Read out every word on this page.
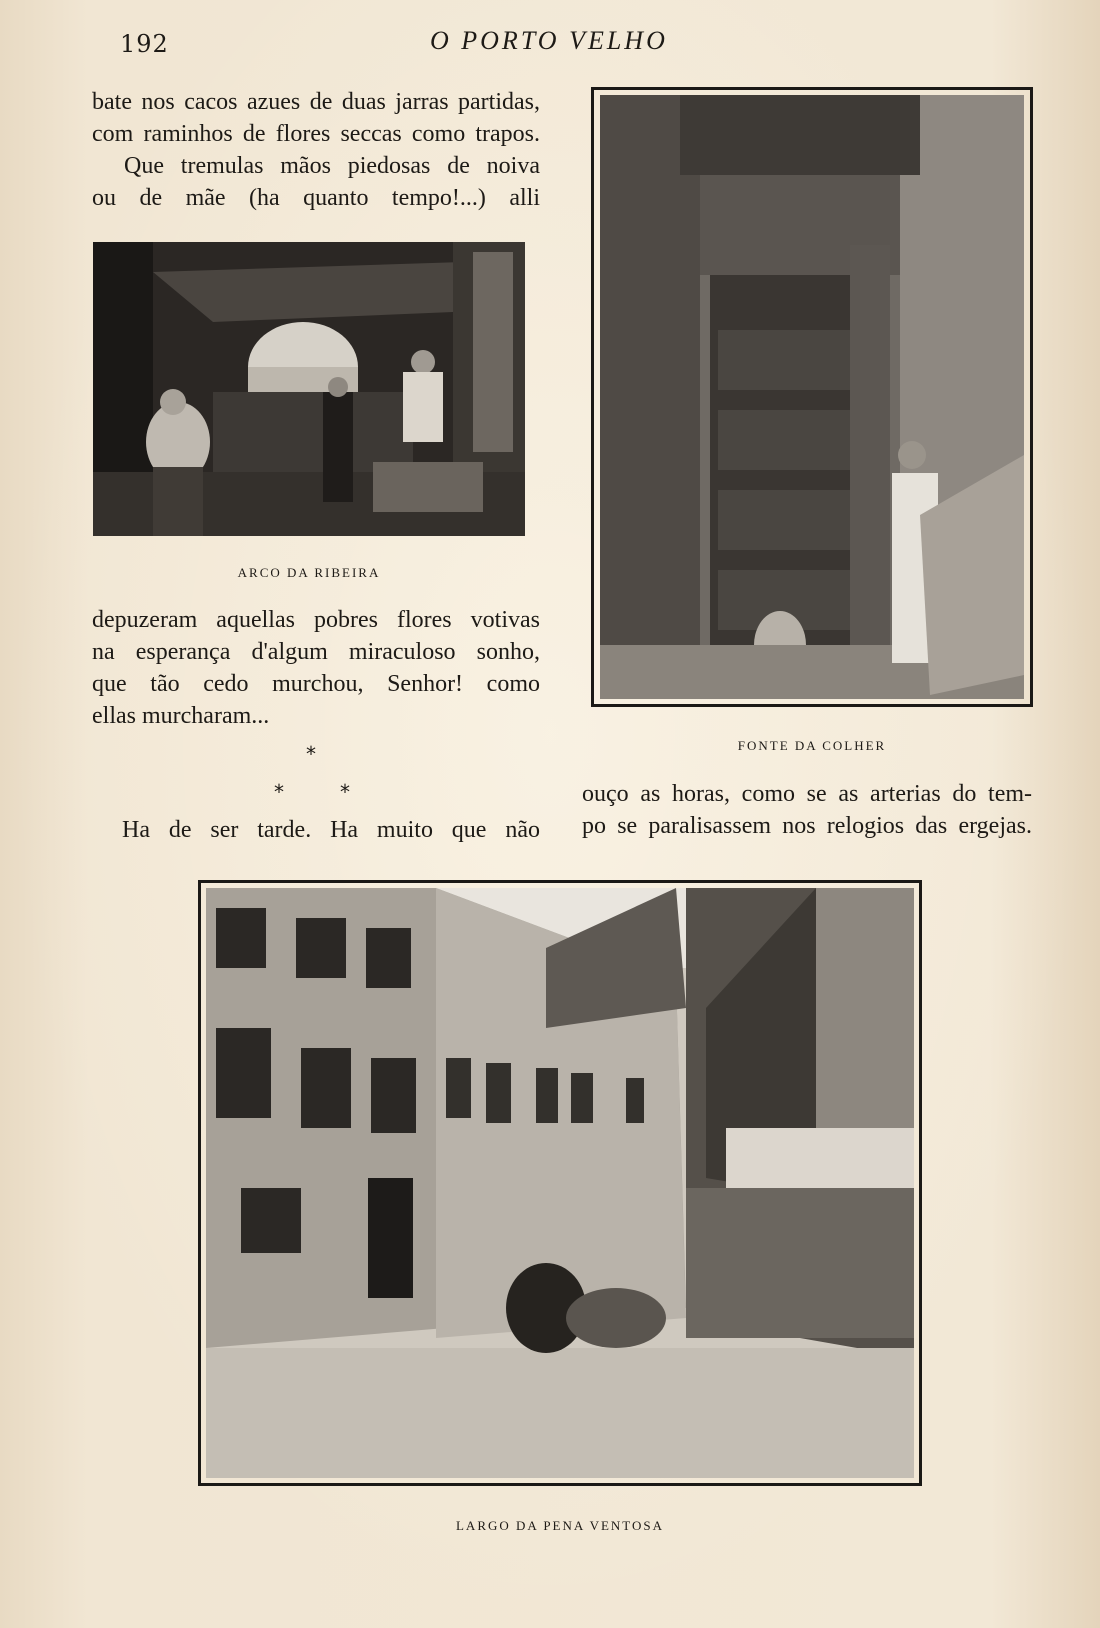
192	O PORTO VELHO
bate nos cacos azues de duas jarras partidas,
com raminhos de flores seccas como trapos.
Que tremulas mãos piedosas de noiva
ou de mãe (ha quanto tempo!...) alli
ARCO DA RIBEIRA
depuzeram aquellas pobres flores votivas
na esperança d'algum miraculoso sonho,
que tão cedo murchou, Senhor! como
ellas murcharam...
*
*	*
Ha de ser tarde. Ha muito que não
FONTE DA COLHER
ouço as horas, como se as arterias do tem-
po se paralisassem nos relogios das ergejas.
LARGO DA PENA VENTOSA
